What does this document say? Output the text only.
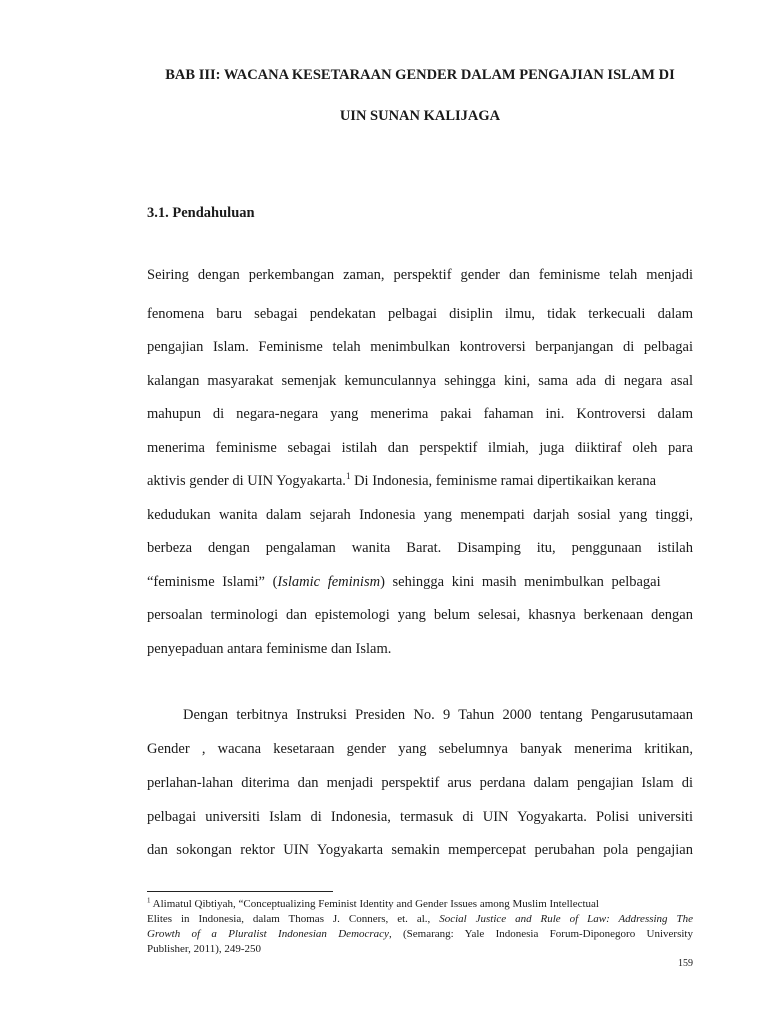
BAB III: WACANA KESETARAAN GENDER DALAM PENGAJIAN ISLAM DI
UIN SUNAN KALIJAGA
3.1. Pendahuluan
Seiring dengan perkembangan zaman, perspektif gender dan feminisme telah menjadi
fenomena baru sebagai pendekatan pelbagai disiplin ilmu, tidak terkecuali dalam
pengajian Islam. Feminisme telah menimbulkan kontroversi berpanjangan di pelbagai
kalangan masyarakat semenjak kemunculannya sehingga kini, sama ada di negara asal
mahupun di negara-negara yang menerima pakai fahaman ini. Kontroversi dalam
menerima feminisme sebagai istilah dan perspektif ilmiah, juga diiktiraf oleh para
aktivis gender di UIN Yogyakarta.$^1$ Di Indonesia, feminisme ramai dipertikaikan kerana
kedudukan wanita dalam sejarah Indonesia yang menempati darjah sosial yang tinggi,
berbeza dengan pengalaman wanita Barat. Disamping itu, penggunaan istilah
“feminisme Islami” (Islamic feminism) sehingga kini masih menimbulkan pelbagai
persoalan terminologi dan epistemologi yang belum selesai, khasnya berkenaan dengan
penyepaduan antara feminisme dan Islam.
Dengan terbitnya Instruksi Presiden No. 9 Tahun 2000 tentang Pengarusutamaan
Gender , wacana kesetaraan gender yang sebelumnya banyak menerima kritikan,
perlahan-lahan diterima dan menjadi perspektif arus perdana dalam pengajian Islam di
pelbagai universiti Islam di Indonesia, termasuk di UIN Yogyakarta. Polisi universiti
dan sokongan rektor UIN Yogyakarta semakin mempercepat perubahan pola pengajian
$^1$ Alimatul Qibtiyah, “Conceptualizing Feminist Identity and Gender Issues among Muslim Intellectual
Elites in Indonesia, dalam Thomas J. Conners, et. al., Social Justice and Rule of Law: Addressing The
Growth of a Pluralist Indonesian Democracy, (Semarang: Yale Indonesia Forum-Diponegoro University
Publisher, 2011), 249-250
159
